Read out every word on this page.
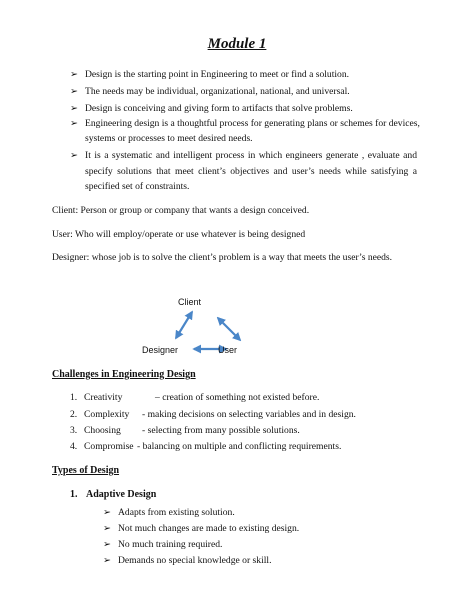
Module 1
➢ Design is the starting point in Engineering to meet or find a solution.
➢ The needs may be individual, organizational, national, and universal.
➢ Design is conceiving and giving form to artifacts that solve problems.
➢ Engineering design is a thoughtful process for generating plans or schemes for devices, systems or processes to meet desired needs.
➢ It is a systematic and intelligent process in which engineers generate , evaluate and specify solutions that meet client’s objectives and user’s needs while satisfying a specified set of constraints.
Client: Person or group or company that wants a design conceived.
User: Who will employ/operate or use whatever is being designed
Designer: whose job is to solve the client’s problem is a way that meets the user’s needs.
Client
Designer	User
Challenges in Engineering Design
1. Creativity	– creation of something not existed before.
2. Complexity - making decisions on selecting variables and in design.
3. Choosing - selecting from many possible solutions.
4. Compromise - balancing on multiple and conflicting requirements.
Types of Design
1. Adaptive Design
➢ Adapts from existing solution.
➢ Not much changes are made to existing design.
➢ No much training required.
➢ Demands no special knowledge or skill.
